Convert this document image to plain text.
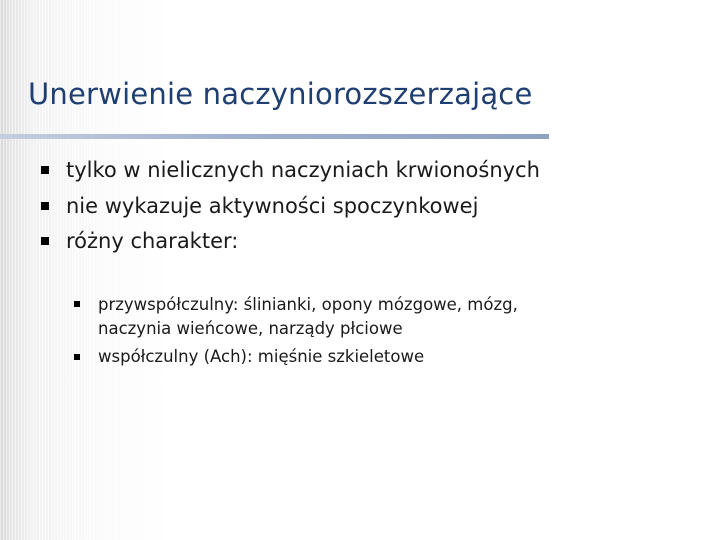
Unerwienie naczyniorozszerzające
tylko w nielicznych naczyniach krwionośnych
nie wykazuje aktywności spoczynkowej
różny charakter:
przywspółczulny: ślinianki, opony mózgowe, mózg,
naczynia wieńcowe, narządy płciowe
współczulny (Ach): mięśnie szkieletowe
